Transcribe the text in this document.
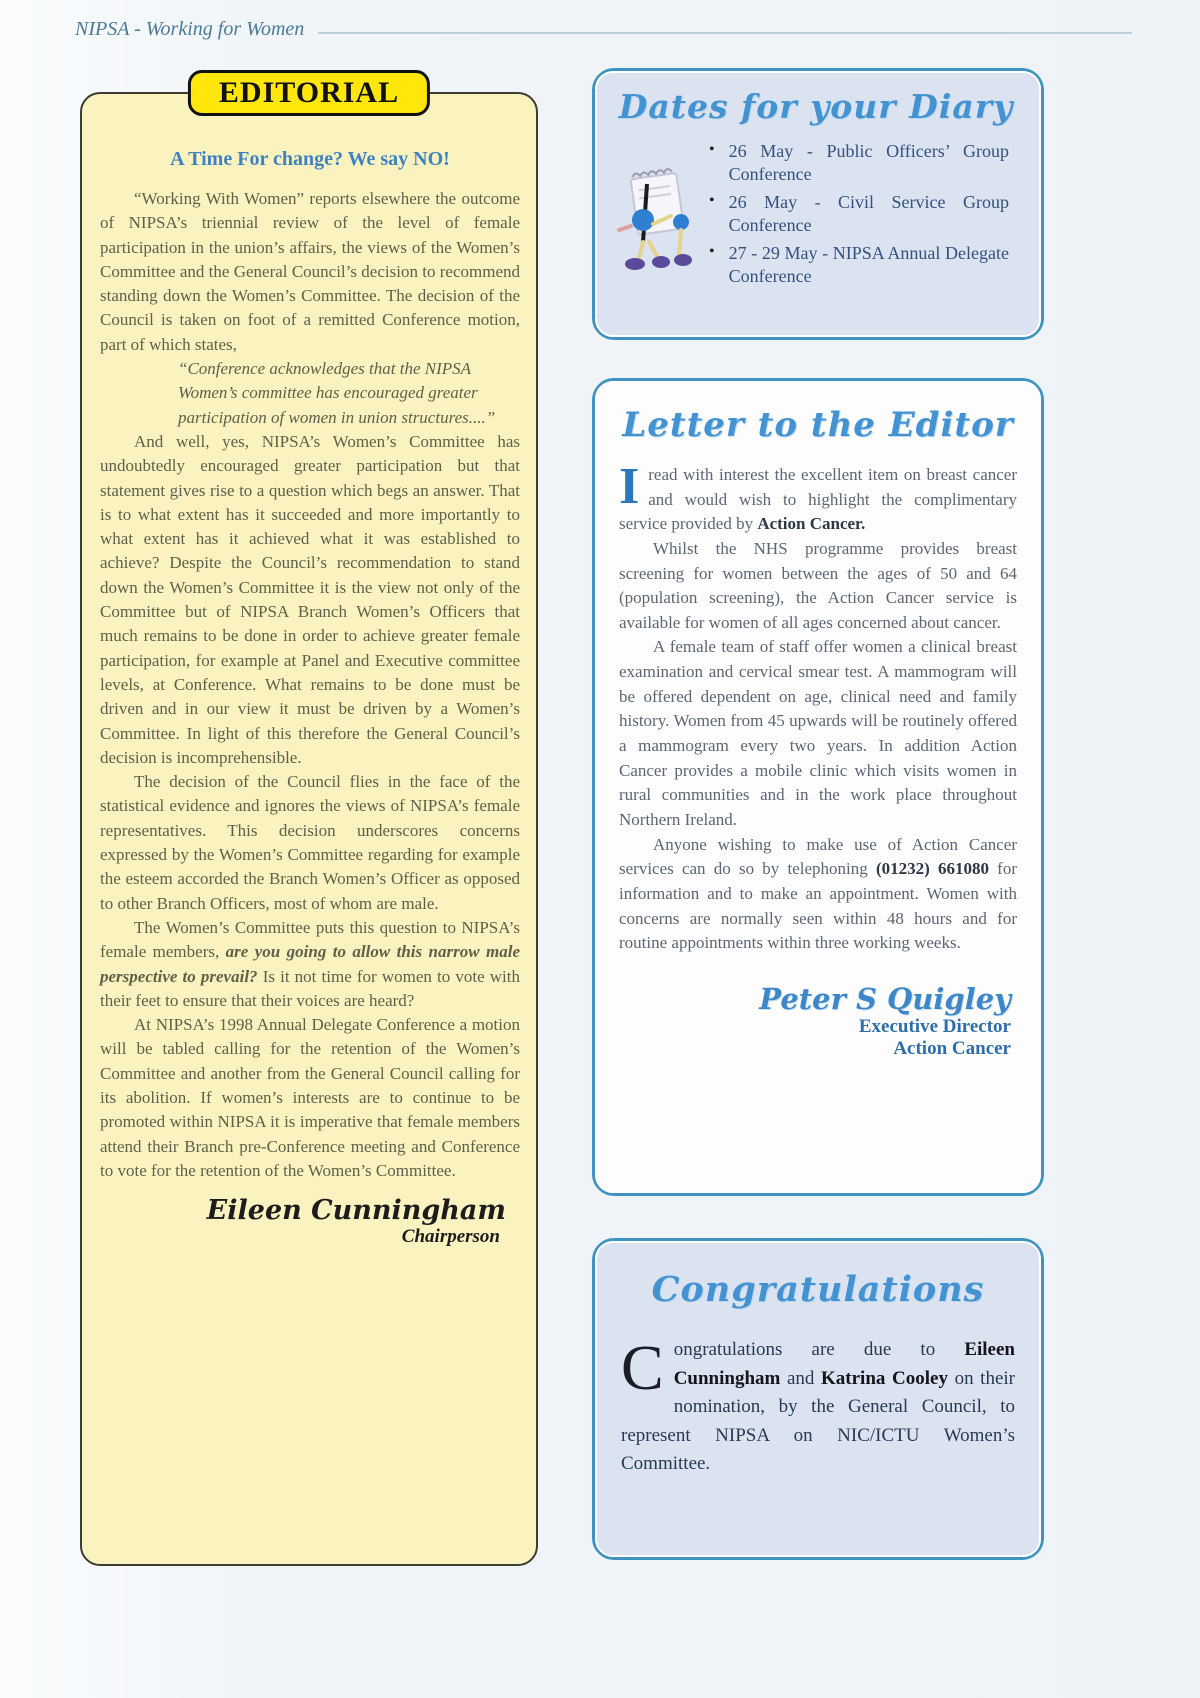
NIPSA - Working for Women
EDITORIAL
A Time For change? We say NO!

“Working With Women” reports elsewhere the outcome of NIPSA’s triennial review of the level of female participation in the union’s affairs, the views of the Women’s Committee and the General Council’s decision to recommend standing down the Women’s Committee. The decision of the Council is taken on foot of a remitted Conference motion, part of which states,

“Conference acknowledges that the NIPSA Women’s committee has encouraged greater participation of women in union structures....”

And well, yes, NIPSA’s Women’s Committee has undoubtedly encouraged greater participation but that statement gives rise to a question which begs an answer. That is to what extent has it succeeded and more importantly to what extent has it achieved what it was established to achieve? Despite the Council’s recommendation to stand down the Women’s Committee it is the view not only of the Committee but of NIPSA Branch Women’s Officers that much remains to be done in order to achieve greater female participation, for example at Panel and Executive committee levels, at Conference. What remains to be done must be driven and in our view it must be driven by a Women’s Committee. In light of this therefore the General Council’s decision is incomprehensible.

The decision of the Council flies in the face of the statistical evidence and ignores the views of NIPSA’s female representatives. This decision underscores concerns expressed by the Women’s Committee regarding for example the esteem accorded the Branch Women’s Officer as opposed to other Branch Officers, most of whom are male.

The Women’s Committee puts this question to NIPSA’s female members, are you going to allow this narrow male perspective to prevail? Is it not time for women to vote with their feet to ensure that their voices are heard?

At NIPSA’s 1998 Annual Delegate Conference a motion will be tabled calling for the retention of the Women’s Committee and another from the General Council calling for its abolition. If women’s interests are to continue to be promoted within NIPSA it is imperative that female members attend their Branch pre-Conference meeting and Conference to vote for the retention of the Women’s Committee.

Eileen Cunningham
Chairperson
Dates for your Diary
• 26 May - Public Officers’ Group Conference
• 26 May - Civil Service Group Conference
• 27 - 29 May - NIPSA Annual Delegate Conference
Letter to the Editor

Iread with interest the excellent item on breast cancer and would wish to highlight the complimentary service provided by Action Cancer.

Whilst the NHS programme provides breast screening for women between the ages of 50 and 64 (population screening), the Action Cancer service is available for women of all ages concerned about cancer.

A female team of staff offer women a clinical breast examination and cervical smear test. A mammogram will be offered dependent on age, clinical need and family history. Women from 45 upwards will be routinely offered a mammogram every two years. In addition Action Cancer provides a mobile clinic which visits women in rural communities and in the work place throughout Northern Ireland.

Anyone wishing to make use of Action Cancer services can do so by telephoning (01232) 661080 for information and to make an appointment. Women with concerns are normally seen within 48 hours and for routine appointments within three working weeks.

Peter S Quigley
Executive Director
Action Cancer
Congratulations

Congratulations are due to Eileen Cunningham and Katrina Cooley on their nomination, by the General Council, to represent NIPSA on NIC/ICTU Women’s Committee.
